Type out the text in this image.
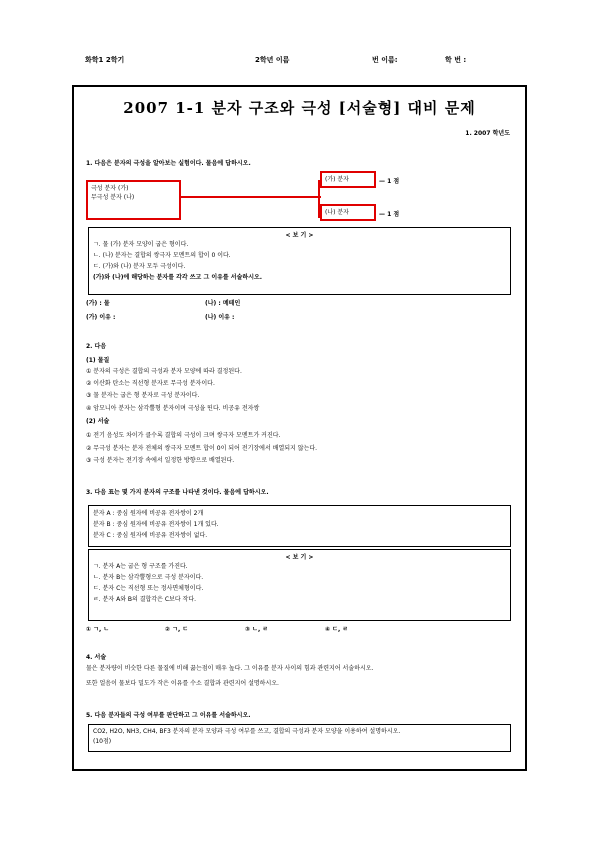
화학1 2학기	2학년 이름	번 이름:	학 번 :
2007 1-1 분자 구조와 극성 [서술형] 대비 문제
1. 2007 학년도
1. 다음은 분자의 극성을 알아보는 실험이다. 물음에 답하시오.
극성 분자 (가)
무극성 분자 (나)
(가) 분자	— 1 점
(나) 분자	— 1 점
< 보 기 >
ㄱ. 물 (가) 분자 모양이 굽은 형이다.
ㄴ. (나) 분자는 결합의 쌍극자 모멘트의 합이 0 이다.
ㄷ. (가)와 (나) 분자 모두 극성이다.
(가)와 (나)에 해당하는 분자를 각각 쓰고 그 이유를 서술하시오.
(가) : 물	(나) : 메테인
(가) 이유 :	(나) 이유 :
2. 다음
(1) 물질
① 분자의 극성은 결합의 극성과 분자 모양에 따라 결정된다.
② 이산화 탄소는 직선형 분자로 무극성 분자이다.
③ 물 분자는 굽은 형 분자로 극성 분자이다.
④ 암모니아 분자는 삼각뿔형 분자이며 극성을 띤다. 비공유 전자쌍
(2) 서술
① 전기 음성도 차이가 클수록 결합의 극성이 크며 쌍극자 모멘트가 커진다.
② 무극성 분자는 분자 전체의 쌍극자 모멘트 합이 0이 되어 전기장에서 배열되지 않는다.
③ 극성 분자는 전기장 속에서 일정한 방향으로 배열된다.
3. 다음 표는 몇 가지 분자의 구조를 나타낸 것이다. 물음에 답하시오.
분자 A : 중심 원자에 비공유 전자쌍이 2개
분자 B : 중심 원자에 비공유 전자쌍이 1개 있다.
분자 C : 중심 원자에 비공유 전자쌍이 없다.
< 보 기 >
ㄱ. 분자 A는 굽은 형 구조를 가진다.
ㄴ. 분자 B는 삼각뿔형으로 극성 분자이다.
ㄷ. 분자 C는 직선형 또는 정사면체형이다.
ㄹ. 분자 A와 B의 결합각은 C보다 작다.
① ㄱ, ㄴ	② ㄱ, ㄷ	③ ㄴ, ㄹ	④ ㄷ, ㄹ
4. 서술
물은 분자량이 비슷한 다른 물질에 비해 끓는점이 매우 높다. 그 이유를 분자 사이의 힘과 관련지어 서술하시오.
또한 얼음이 물보다 밀도가 작은 이유를 수소 결합과 관련지어 설명하시오.
5. 다음 분자들의 극성 여부를 판단하고 그 이유를 서술하시오.
CO2, H2O, NH3, CH4, BF3 분자의 분자 모양과 극성 여부를 쓰고, 결합의 극성과 분자 모양을 이용하여 설명하시오.
(10점)
